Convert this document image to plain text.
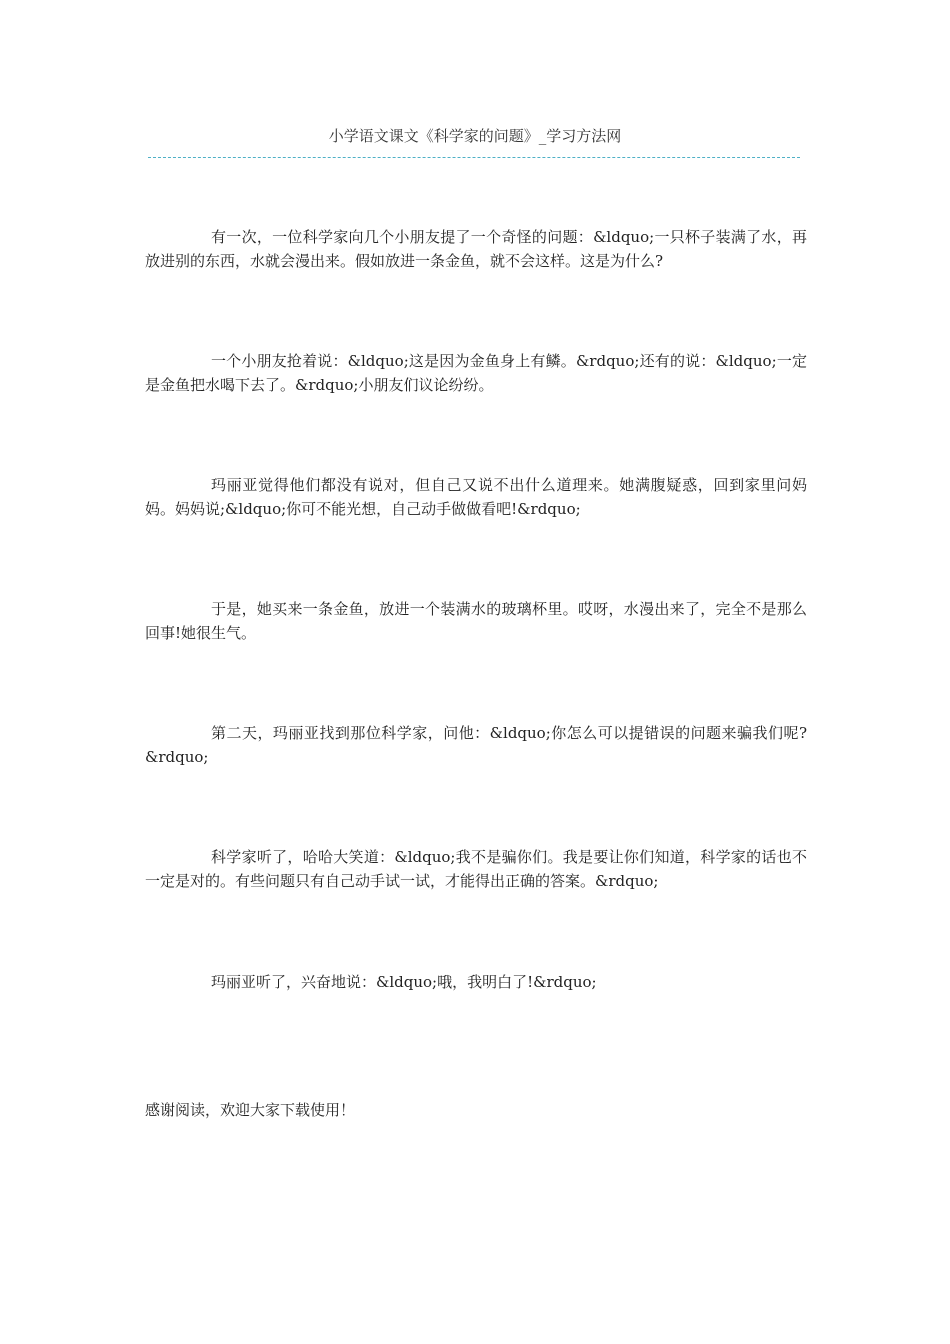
小学语文课文《科学家的问题》_学习方法网

有一次，一位科学家向几个小朋友提了一个奇怪的问题：&ldquo;一只杯子装满了水，再放进别的东西，水就会漫出来。假如放进一条金鱼，就不会这样。这是为什么?

一个小朋友抢着说：&ldquo;这是因为金鱼身上有鳞。&rdquo;还有的说：&ldquo;一定是金鱼把水喝下去了。&rdquo;小朋友们议论纷纷。

玛丽亚觉得他们都没有说对，但自己又说不出什么道理来。她满腹疑惑，回到家里问妈妈。妈妈说;&ldquo;你可不能光想，自己动手做做看吧!&rdquo;

于是，她买来一条金鱼，放进一个装满水的玻璃杯里。哎呀，水漫出来了，完全不是那么回事!她很生气。

第二天，玛丽亚找到那位科学家，问他：&ldquo;你怎么可以提错误的问题来骗我们呢?&rdquo;

科学家听了，哈哈大笑道：&ldquo;我不是骗你们。我是要让你们知道，科学家的话也不一定是对的。有些问题只有自己动手试一试，才能得出正确的答案。&rdquo;

玛丽亚听了，兴奋地说：&ldquo;哦，我明白了!&rdquo;

感谢阅读，欢迎大家下载使用！
